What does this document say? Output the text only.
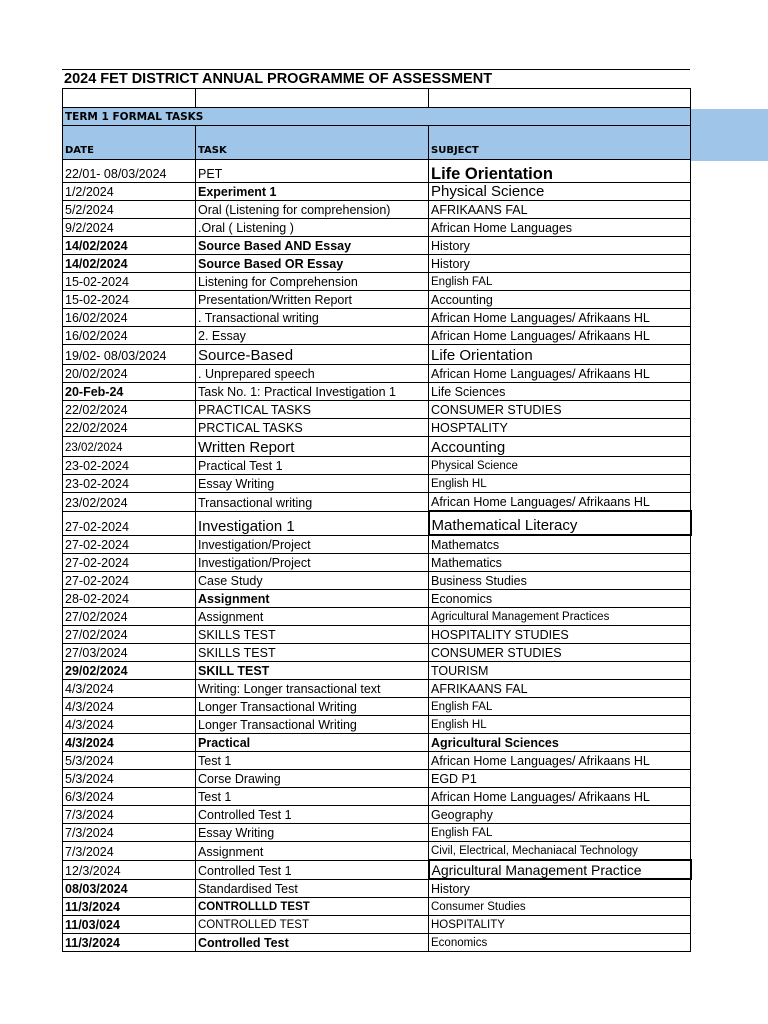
2024 FET DISTRICT ANNUAL PROGRAMME OF ASSESSMENT

TERM 1 FORMAL TASKS		
DATE	TASK	SUBJECT
22/01- 08/03/2024	PET	Life Orientation
1/2/2024	Experiment 1	Physical Science
5/2/2024	Oral (Listening for comprehension)	AFRIKAANS FAL
9/2/2024	.Oral ( Listening )	African Home Languages
14/02/2024	Source Based AND Essay	History
14/02/2024	Source Based OR Essay	History
15-02-2024	Listening for Comprehension	English FAL
15-02-2024	Presentation/Written Report	Accounting
16/02/2024	. Transactional writing	African Home Languages/ Afrikaans HL
16/02/2024	2. Essay	African Home Languages/ Afrikaans HL
19/02- 08/03/2024	Source-Based	Life Orientation
20/02/2024	. Unprepared speech	African Home Languages/ Afrikaans HL
20-Feb-24	Task No. 1: Practical Investigation 1	Life Sciences
22/02/2024	PRACTICAL TASKS	CONSUMER STUDIES
22/02/2024	PRCTICAL TASKS	HOSPTALITY
23/02/2024	Written Report	Accounting
23-02-2024	Practical Test 1	Physical Science
23-02-2024	Essay Writing	English HL
23/02/2024	Transactional writing	African Home Languages/ Afrikaans HL
27-02-2024	Investigation 1	Mathematical Literacy
27-02-2024	Investigation/Project	Mathematcs
27-02-2024	Investigation/Project	Mathematics
27-02-2024	Case Study	Business Studies
28-02-2024	Assignment	Economics
27/02/2024	Assignment	Agricultural Management Practices
27/02/2024	SKILLS TEST	HOSPITALITY STUDIES
27/03/2024	SKILLS TEST	CONSUMER STUDIES
29/02/2024	SKILL TEST	TOURISM
4/3/2024	Writing: Longer transactional text	AFRIKAANS FAL
4/3/2024	Longer Transactional Writing	English FAL
4/3/2024	Longer Transactional Writing	English HL
4/3/2024	Practical	Agricultural Sciences
5/3/2024	Test 1	African Home Languages/ Afrikaans HL
5/3/2024	Corse Drawing	EGD P1
6/3/2024	Test 1	African Home Languages/ Afrikaans HL
7/3/2024	Controlled Test 1	Geography
7/3/2024	Essay Writing	English FAL
7/3/2024	Assignment	Civil, Electrical, Mechaniacal Technology
12/3/2024	Controlled Test 1	Agricultural Management Practice
08/03/2024	Standardised Test	History
11/3/2024	CONTROLLLD TEST	Consumer Studies
11/03/024	CONTROLLED TEST	HOSPITALITY
11/3/2024	Controlled Test	Economics
